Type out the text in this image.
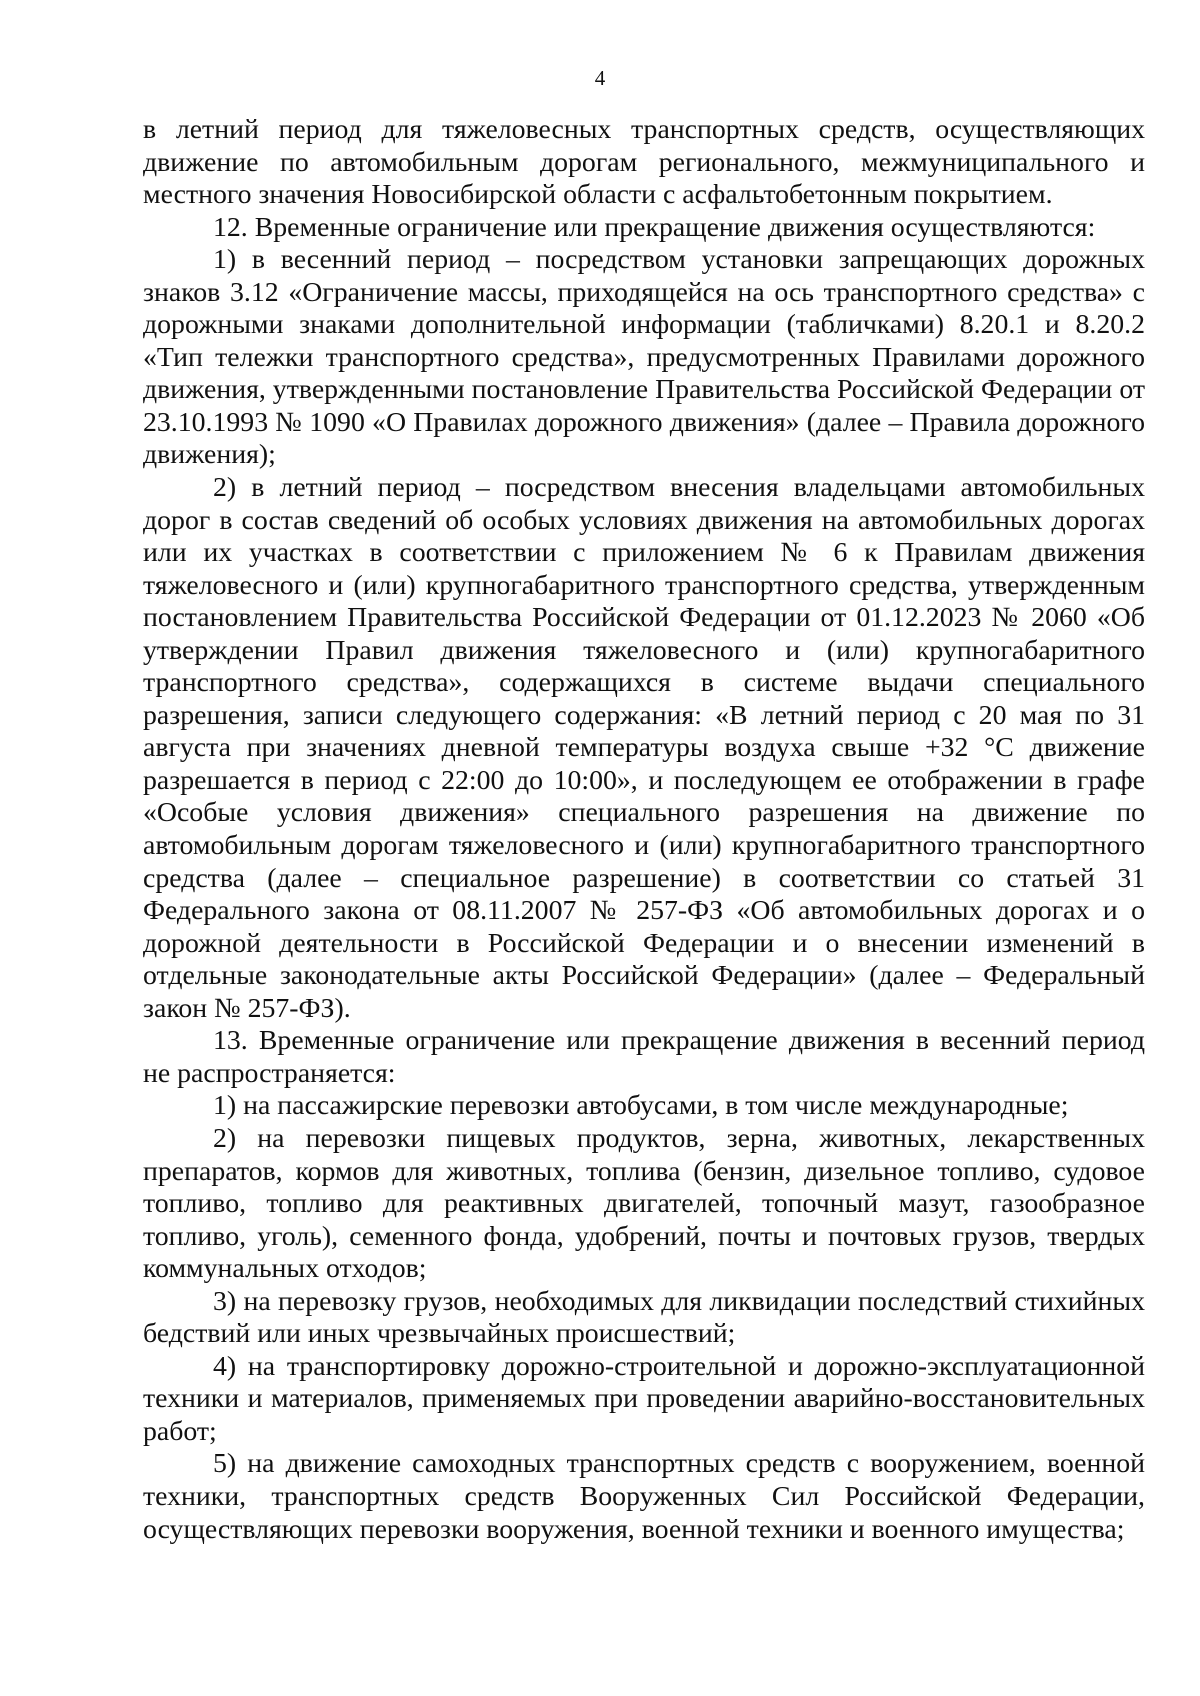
4

в летний период для тяжеловесных транспортных средств, осуществляющих движение по автомобильным дорогам регионального, межмуниципального и местного значения Новосибирской области с асфальтобетонным покрытием.

12. Временные ограничение или прекращение движения осуществляются:

1) в весенний период – посредством установки запрещающих дорожных знаков 3.12 «Ограничение массы, приходящейся на ось транспортного средства» с дорожными знаками дополнительной информации (табличками) 8.20.1 и 8.20.2 «Тип тележки транспортного средства», предусмотренных Правилами дорожного движения, утвержденными постановление Правительства Российской Федерации от 23.10.1993 № 1090 «О Правилах дорожного движения» (далее – Правила дорожного движения);

2) в летний период – посредством внесения владельцами автомобильных дорог в состав сведений об особых условиях движения на автомобильных дорогах или их участках в соответствии с приложением № 6 к Правилам движения тяжеловесного и (или) крупногабаритного транспортного средства, утвержденным постановлением Правительства Российской Федерации от 01.12.2023 № 2060 «Об утверждении Правил движения тяжеловесного и (или) крупногабаритного транспортного средства», содержащихся в системе выдачи специального разрешения, записи следующего содержания: «В летний период с 20 мая по 31 августа при значениях дневной температуры воздуха свыше +32 °С движение разрешается в период с 22:00 до 10:00», и последующем ее отображении в графе «Особые условия движения» специального разрешения на движение по автомобильным дорогам тяжеловесного и (или) крупногабаритного транспортного средства (далее – специальное разрешение) в соответствии со статьей 31 Федерального закона от 08.11.2007 № 257-ФЗ «Об автомобильных дорогах и о дорожной деятельности в Российской Федерации и о внесении изменений в отдельные законодательные акты Российской Федерации» (далее – Федеральный закон № 257-ФЗ).

13. Временные ограничение или прекращение движения в весенний период не распространяется:

1) на пассажирские перевозки автобусами, в том числе международные;

2) на перевозки пищевых продуктов, зерна, животных, лекарственных препаратов, кормов для животных, топлива (бензин, дизельное топливо, судовое топливо, топливо для реактивных двигателей, топочный мазут, газообразное топливо, уголь), семенного фонда, удобрений, почты и почтовых грузов, твердых коммунальных отходов;

3) на перевозку грузов, необходимых для ликвидации последствий стихийных бедствий или иных чрезвычайных происшествий;

4) на транспортировку дорожно-строительной и дорожно-эксплуатационной техники и материалов, применяемых при проведении аварийно-восстановительных работ;

5) на движение самоходных транспортных средств с вооружением, военной техники, транспортных средств Вооруженных Сил Российской Федерации, осуществляющих перевозки вооружения, военной техники и военного имущества;
